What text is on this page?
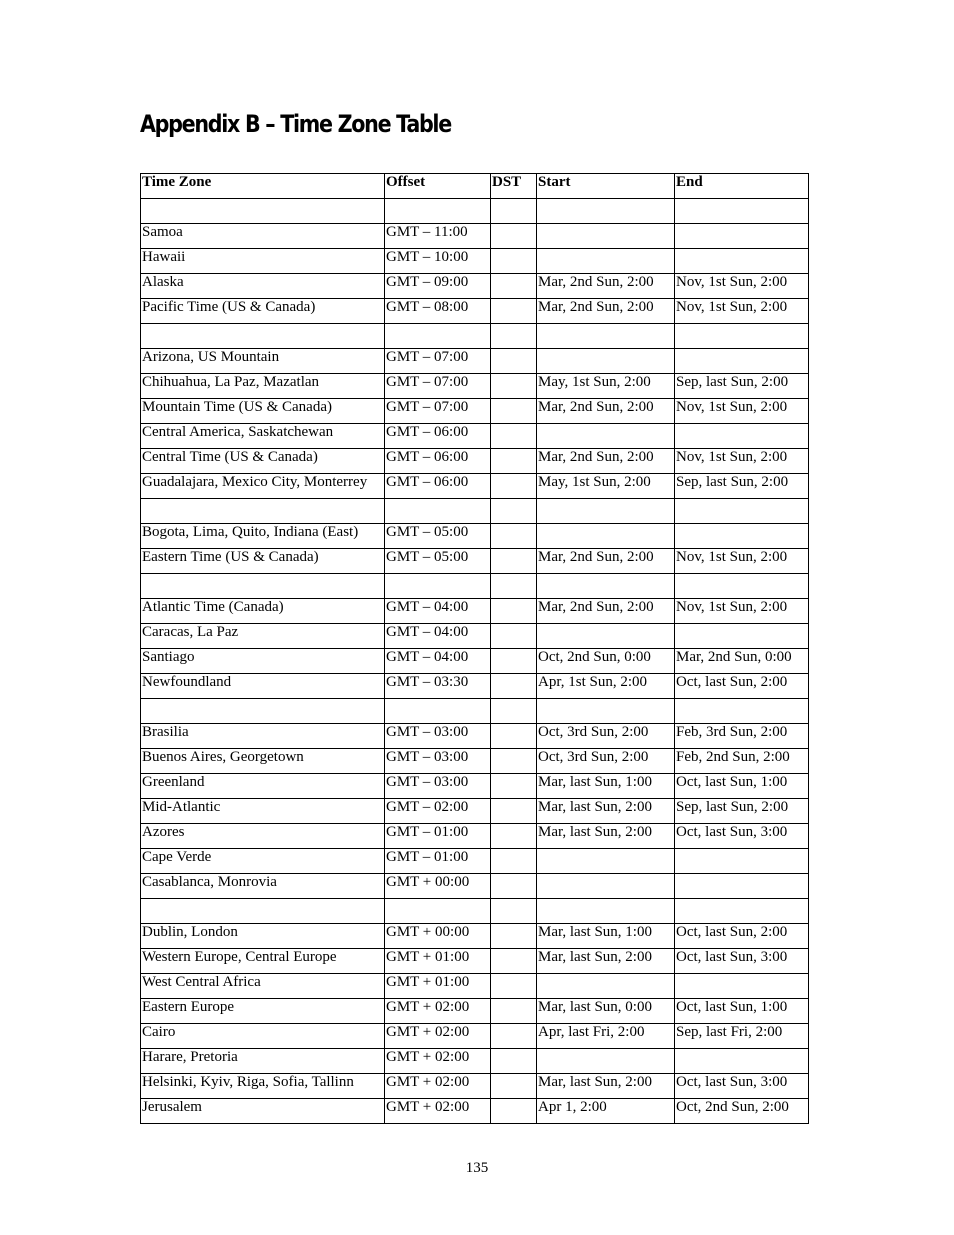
Appendix B – Time Zone Table
Time Zone	Offset	DST	Start	End

Samoa	GMT – 11:00			
Hawaii	GMT – 10:00			
Alaska	GMT – 09:00		Mar, 2nd Sun, 2:00	Nov, 1st Sun, 2:00
Pacific Time (US & Canada)	GMT – 08:00		Mar, 2nd Sun, 2:00	Nov, 1st Sun, 2:00

Arizona, US Mountain	GMT – 07:00			
Chihuahua, La Paz, Mazatlan	GMT – 07:00		May, 1st Sun, 2:00	Sep, last Sun, 2:00
Mountain Time (US & Canada)	GMT – 07:00		Mar, 2nd Sun, 2:00	Nov, 1st Sun, 2:00
Central America, Saskatchewan	GMT – 06:00			
Central Time (US & Canada)	GMT – 06:00		Mar, 2nd Sun, 2:00	Nov, 1st Sun, 2:00
Guadalajara, Mexico City, Monterrey	GMT – 06:00		May, 1st Sun, 2:00	Sep, last Sun, 2:00

Bogota, Lima, Quito, Indiana (East)	GMT – 05:00			
Eastern Time (US & Canada)	GMT – 05:00		Mar, 2nd Sun, 2:00	Nov, 1st Sun, 2:00

Atlantic Time (Canada)	GMT – 04:00		Mar, 2nd Sun, 2:00	Nov, 1st Sun, 2:00
Caracas, La Paz	GMT – 04:00			
Santiago	GMT – 04:00		Oct, 2nd Sun, 0:00	Mar, 2nd Sun, 0:00
Newfoundland	GMT – 03:30		Apr, 1st Sun, 2:00	Oct, last Sun, 2:00

Brasilia	GMT – 03:00		Oct, 3rd Sun, 2:00	Feb, 3rd Sun, 2:00
Buenos Aires, Georgetown	GMT – 03:00		Oct, 3rd Sun, 2:00	Feb, 2nd Sun, 2:00
Greenland	GMT – 03:00		Mar, last Sun, 1:00	Oct, last Sun, 1:00
Mid-Atlantic	GMT – 02:00		Mar, last Sun, 2:00	Sep, last Sun, 2:00
Azores	GMT – 01:00		Mar, last Sun, 2:00	Oct, last Sun, 3:00
Cape Verde	GMT – 01:00			
Casablanca, Monrovia	GMT + 00:00			

Dublin, London	GMT + 00:00		Mar, last Sun, 1:00	Oct, last Sun, 2:00
Western Europe, Central Europe	GMT + 01:00		Mar, last Sun, 2:00	Oct, last Sun, 3:00
West Central Africa	GMT + 01:00			
Eastern Europe	GMT + 02:00		Mar, last Sun, 0:00	Oct, last Sun, 1:00
Cairo	GMT + 02:00		Apr, last Fri, 2:00	Sep, last Fri, 2:00
Harare, Pretoria	GMT + 02:00			
Helsinki, Kyiv, Riga, Sofia, Tallinn	GMT + 02:00		Mar, last Sun, 2:00	Oct, last Sun, 3:00
Jerusalem	GMT + 02:00		Apr 1, 2:00	Oct, 2nd Sun, 2:00
135
